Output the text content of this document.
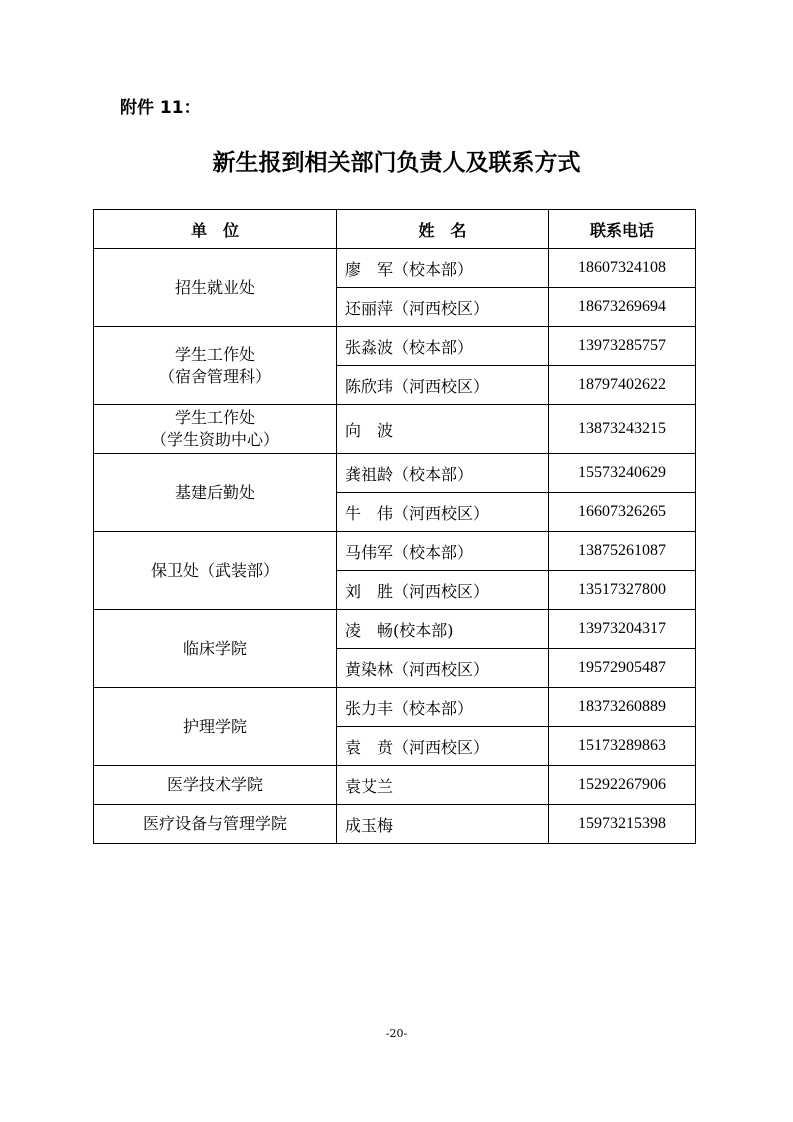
附件 11：
新生报到相关部门负责人及联系方式
单　位	姓　名	联系电话

招生就业处	廖　军（校本部）	18607324108
	还丽萍（河西校区）	18673269694

学生工作处
（宿舍管理科）	张淼波（校本部）	13973285757
	陈欣玮（河西校区）	18797402622

学生工作处
（学生资助中心）	向　波	13873243215

基建后勤处	龚祖龄（校本部）	15573240629
	牛　伟（河西校区）	16607326265

保卫处（武装部）	马伟军（校本部）	13875261087
	刘　胜（河西校区）	13517327800

临床学院	凌　畅(校本部)	13973204317
	黄染林（河西校区）	19572905487

护理学院	张力丰（校本部）	18373260889
	袁　贲（河西校区）	15173289863

医学技术学院	袁艾兰	15292267906

医疗设备与管理学院	成玉梅	15973215398
-20-
